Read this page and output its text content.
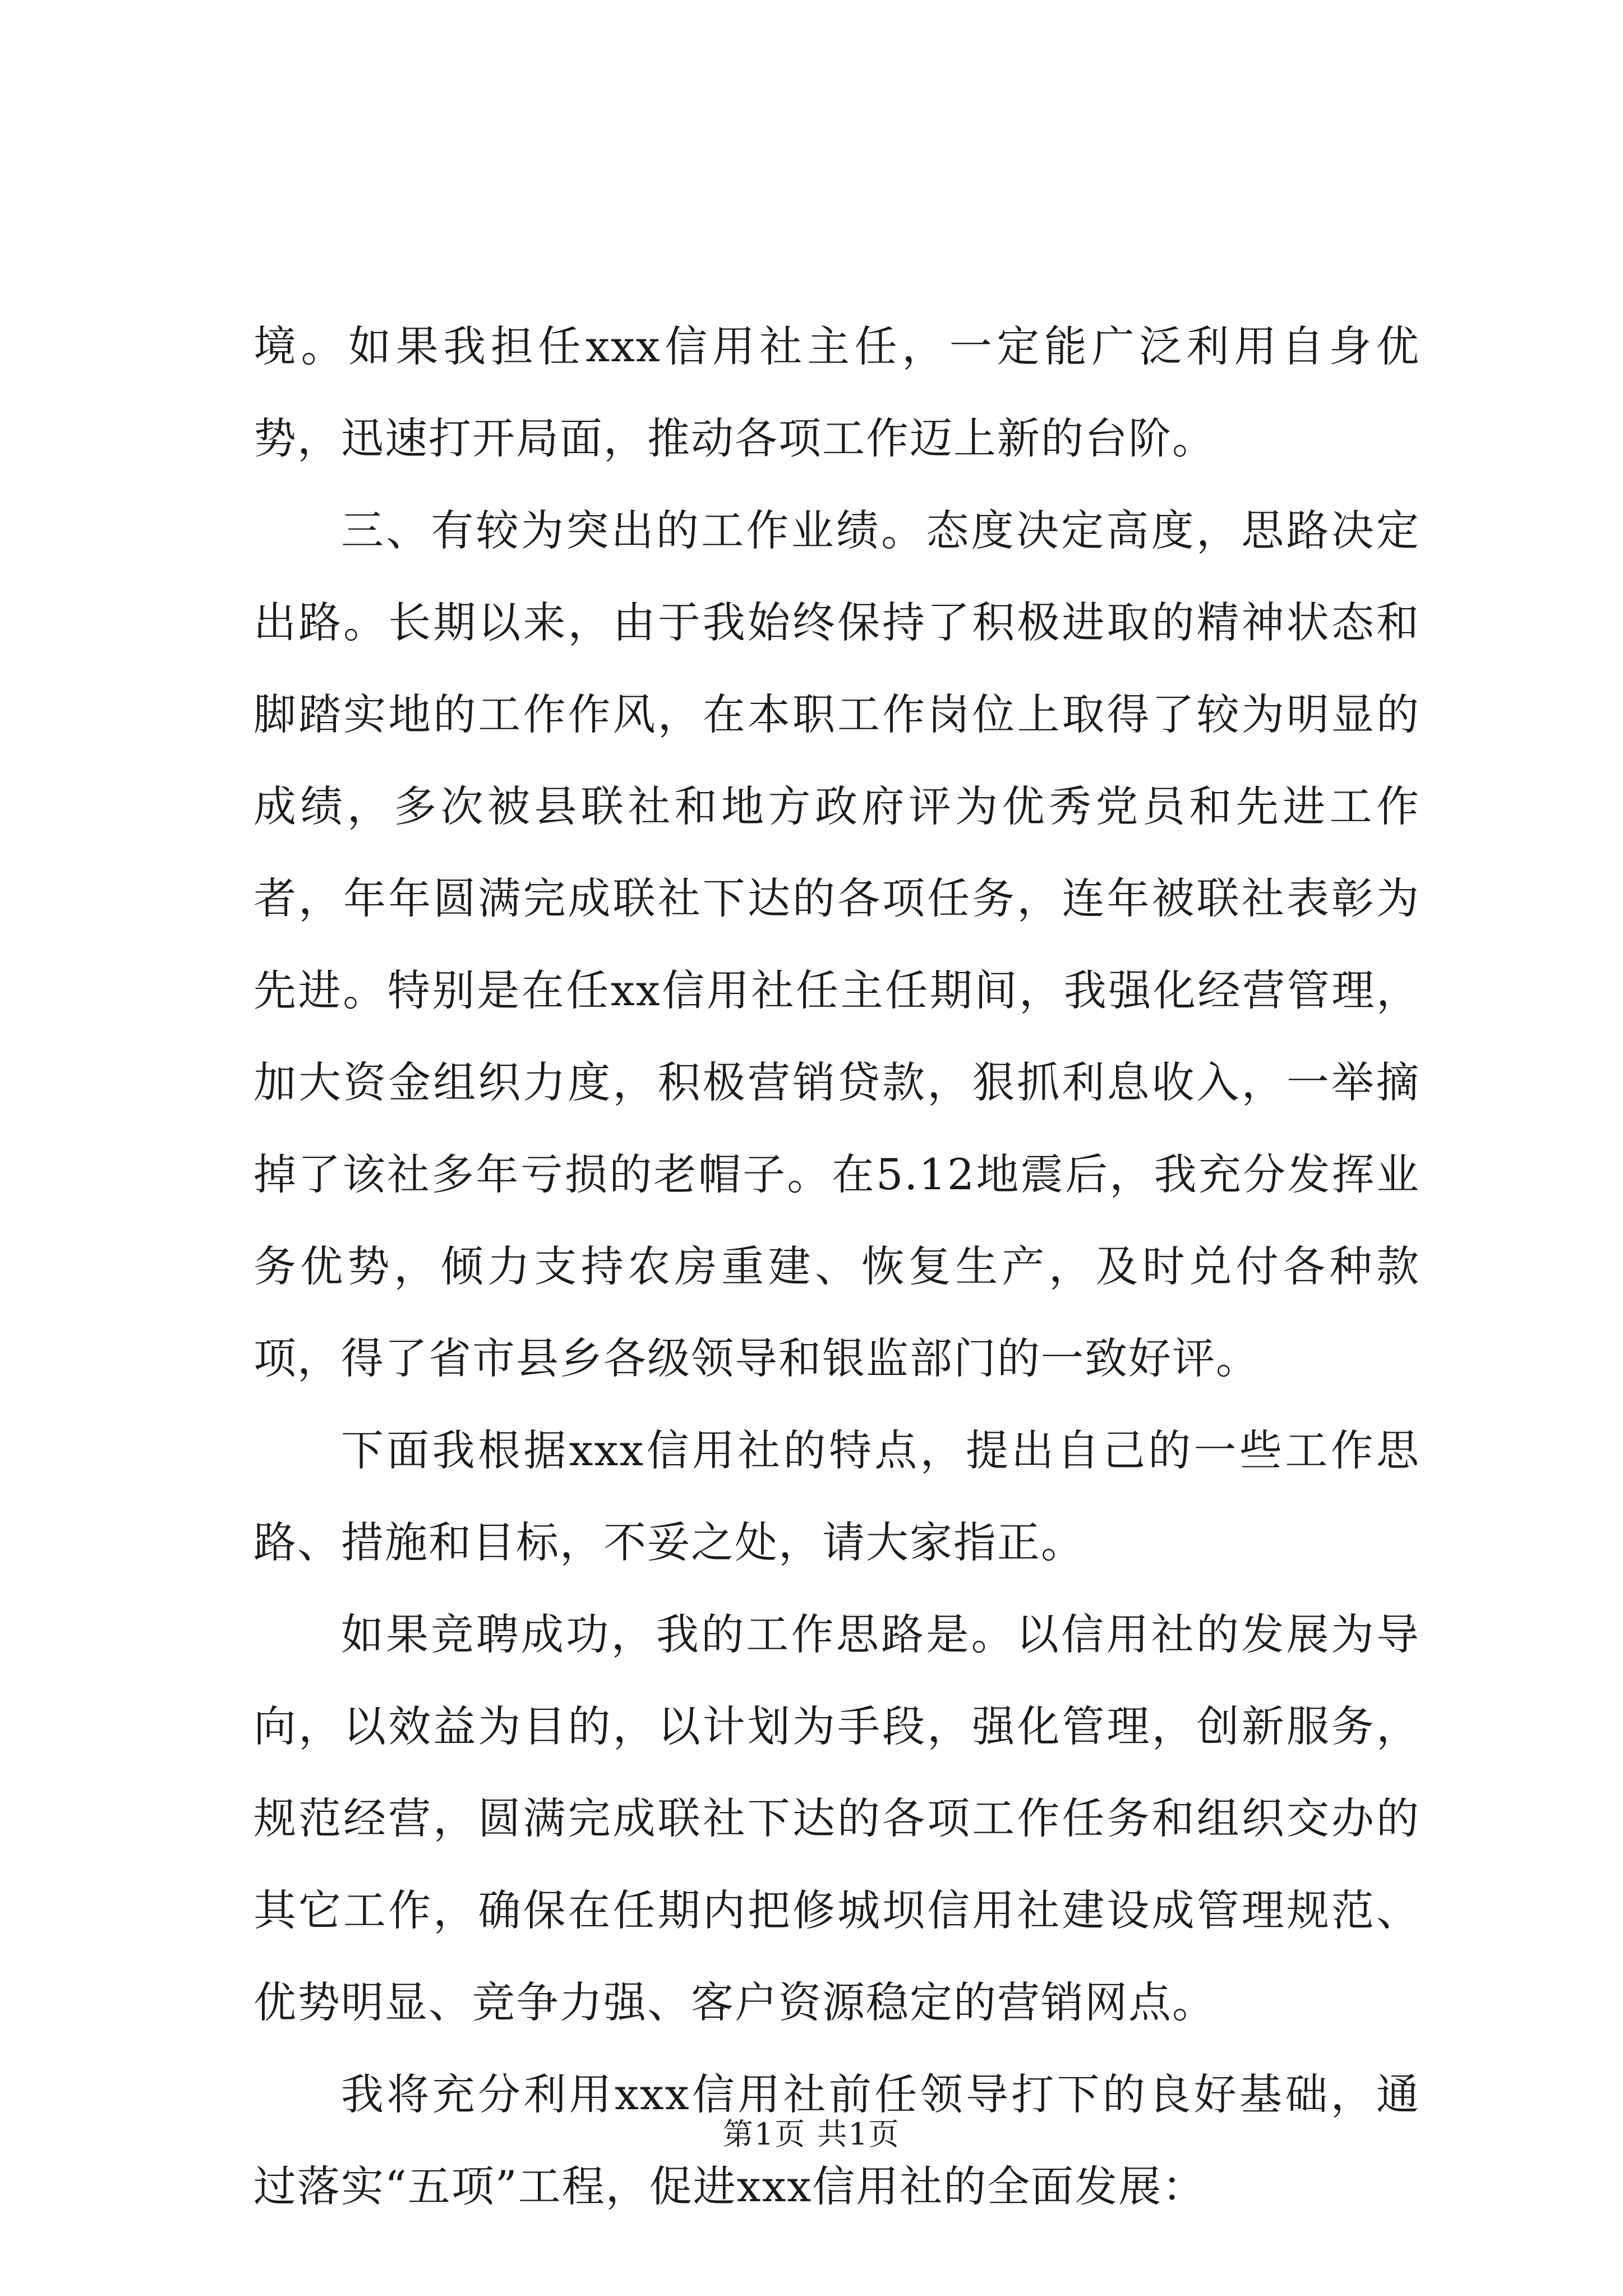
境。如果我担任xxx信用社主任，一定能广泛利用自身优势，迅速打开局面，推动各项工作迈上新的台阶。

三、有较为突出的工作业绩。态度决定高度，思路决定出路。长期以来，由于我始终保持了积极进取的精神状态和脚踏实地的工作作风，在本职工作岗位上取得了较为明显的成绩，多次被县联社和地方政府评为优秀党员和先进工作者，年年圆满完成联社下达的各项任务，连年被联社表彰为先进。特别是在任xx信用社任主任期间，我强化经营管理，加大资金组织力度，积极营销贷款，狠抓利息收入，一举摘掉了该社多年亏损的老帽子。在5.12地震后，我充分发挥业务优势，倾力支持农房重建、恢复生产，及时兑付各种款项，得了省市县乡各级领导和银监部门的一致好评。

下面我根据xxx信用社的特点，提出自己的一些工作思路、措施和目标，不妥之处，请大家指正。

如果竞聘成功，我的工作思路是。以信用社的发展为导向，以效益为目的，以计划为手段，强化管理，创新服务，规范经营，圆满完成联社下达的各项工作任务和组织交办的其它工作，确保在任期内把修城坝信用社建设成管理规范、优势明显、竞争力强、客户资源稳定的营销网点。

我将充分利用xxx信用社前任领导打下的良好基础，通过落实“五项”工程，促进xxx信用社的全面发展：

第1页 共1页
